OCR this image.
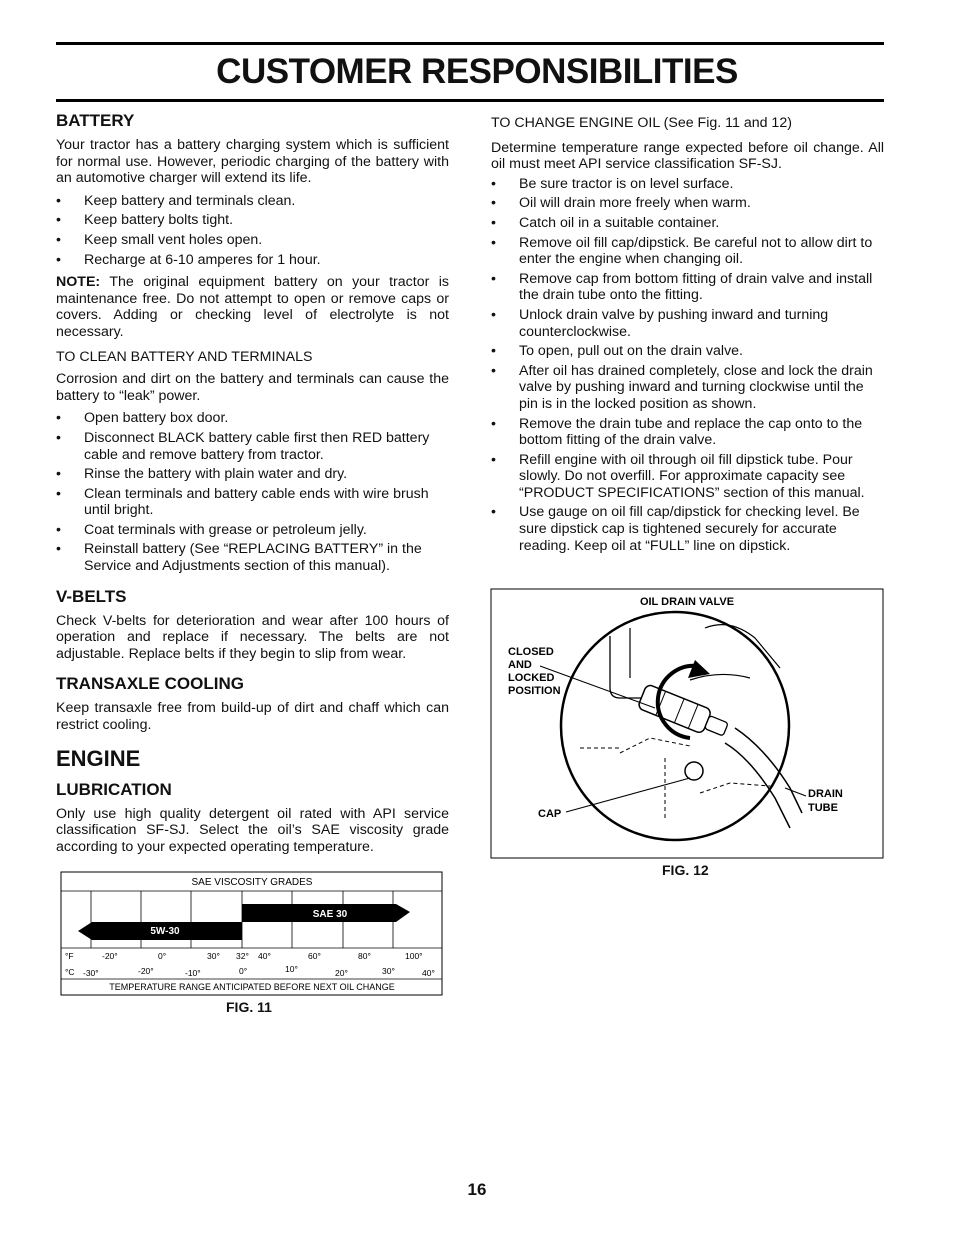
CUSTOMER RESPONSIBILITIES
BATTERY

Your tractor has a battery charging system which is sufficient for normal use. However, periodic charging of the battery with an automotive charger will extend its life.

• Keep battery and terminals clean.
• Keep battery bolts tight.
• Keep small vent holes open.
• Recharge at 6-10 amperes for 1 hour.

NOTE: The original equipment battery on your tractor is maintenance free. Do not attempt to open or remove caps or covers. Adding or checking level of electrolyte is not necessary.

TO CLEAN BATTERY AND TERMINALS

Corrosion and dirt on the battery and terminals can cause the battery to “leak” power.

• Open battery box door.
• Disconnect BLACK battery cable first then RED battery cable and remove battery from tractor.
• Rinse the battery with plain water and dry.
• Clean terminals and battery cable ends with wire brush until bright.
• Coat terminals with grease or petroleum jelly.
• Reinstall battery (See “REPLACING BATTERY” in the Service and Adjustments section of this manual).
V-BELTS

Check V-belts for deterioration and wear after 100 hours of operation and replace if necessary. The belts are not adjustable. Replace belts if they begin to slip from wear.

TRANSAXLE COOLING

Keep transaxle free from build-up of dirt and chaff which can restrict cooling.

ENGINE
LUBRICATION

Only use high quality detergent oil rated with API service classification SF-SJ. Select the oil’s SAE viscosity grade according to your expected operating temperature.

TO CHANGE ENGINE OIL (See Fig. 11 and 12)

Determine temperature range expected before oil change. All oil must meet API service classification SF-SJ.

• Be sure tractor is on level surface.
• Oil will drain more freely when warm.
• Catch oil in a suitable container.
• Remove oil fill cap/dipstick. Be careful not to allow dirt to enter the engine when changing oil.
• Remove cap from bottom fitting of drain valve and install the drain tube onto the fitting.
• Unlock drain valve by pushing inward and turning counterclockwise.
• To open, pull out on the drain valve.
• After oil has drained completely, close and lock the drain valve by pushing inward and turning clockwise until the pin is in the locked position as shown.
• Remove the drain tube and replace the cap onto to the bottom fitting of the drain valve.
• Refill engine with oil through oil fill dipstick tube. Pour slowly. Do not overfill. For approximate capacity see “PRODUCT SPECIFICATIONS” section of this manual.
• Use gauge on oil fill cap/dipstick for checking level. Be sure dipstick cap is tightened securely for accurate reading. Keep oil at “FULL” line on dipstick.
SAE VISCOSITY GRADES
SAE 30
5W-30
°F	-20°	0°	30° 32° 40°	60°	80°	100°
°C -30°	-20°	-10°	0°	10°	20°	30°	40°
TEMPERATURE RANGE ANTICIPATED BEFORE NEXT OIL CHANGE
FIG. 11
OIL DRAIN VALVE
CLOSED
AND
LOCKED
POSITION
CAP
DRAIN
TUBE
FIG. 12
16
